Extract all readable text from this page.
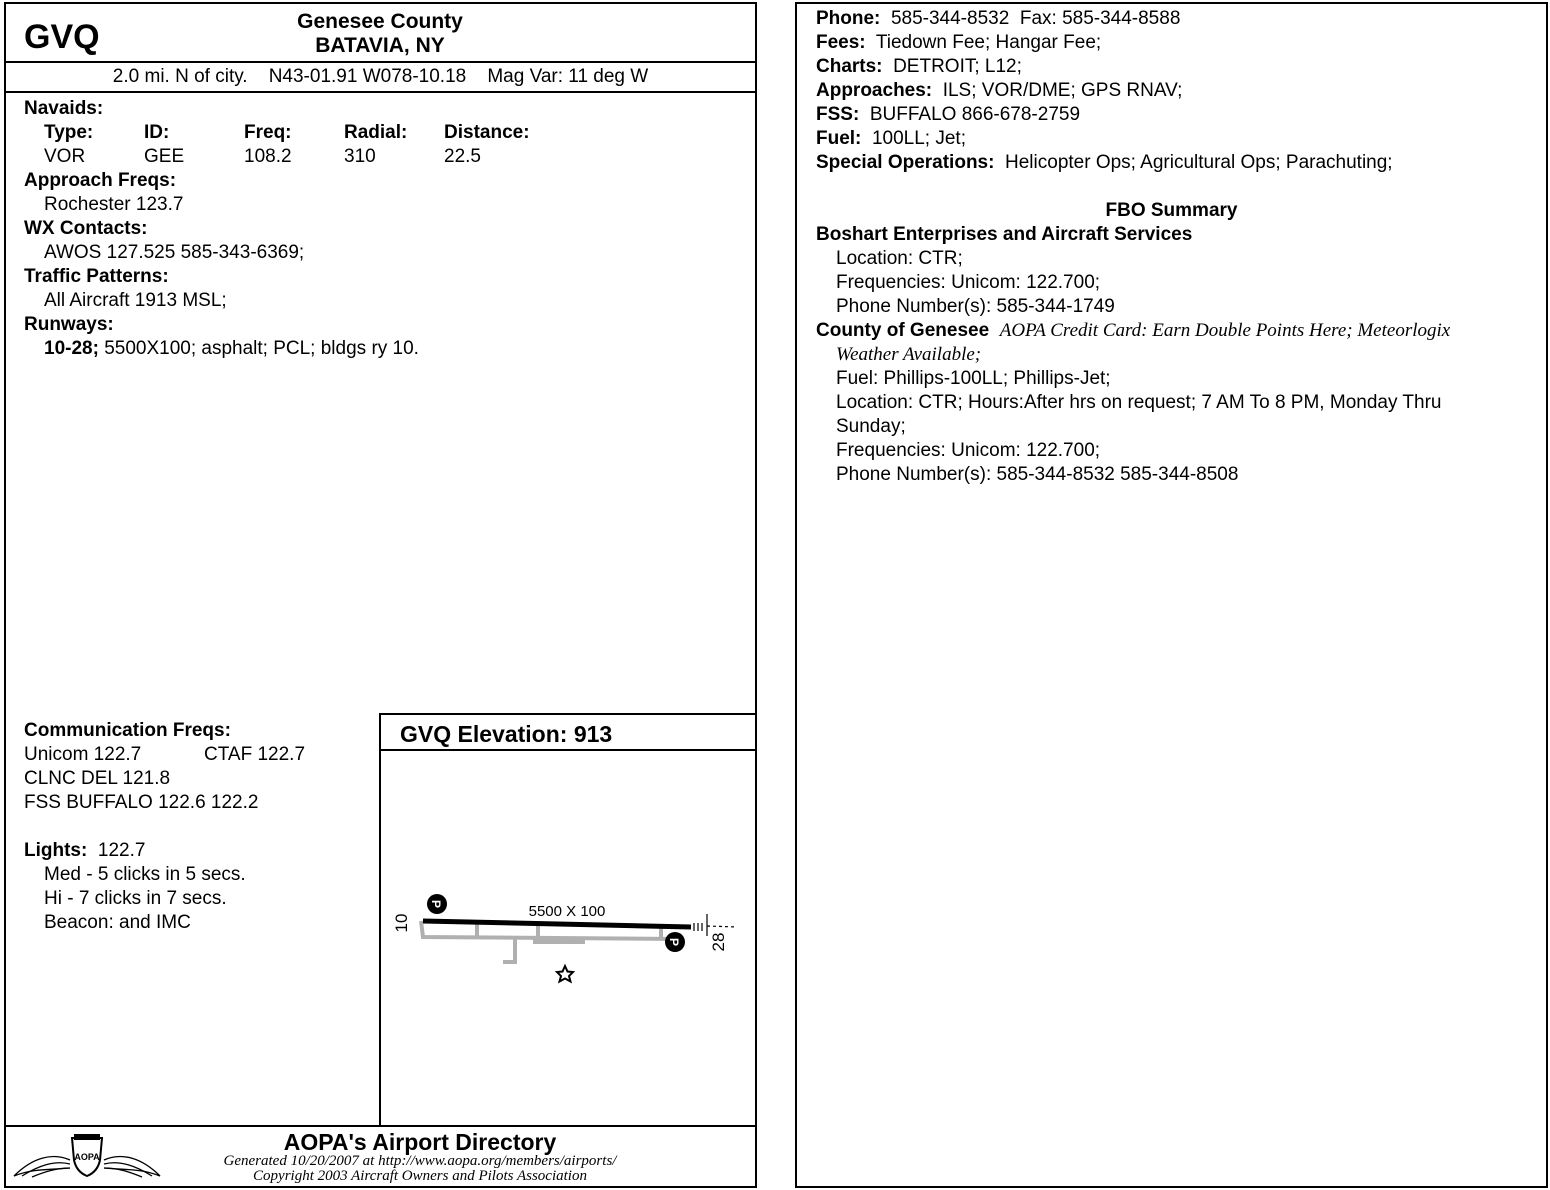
GVQ	Genesee County
BATAVIA, NY
2.0 mi. N of city.    N43-01.91 W078-10.18    Mag Var: 11 deg W
Navaids:
Type:	ID:	Freq:	Radial: Distance:
VOR	GEE	108.2	310	22.5
Approach Freqs:
Rochester 123.7
WX Contacts:
AWOS 127.525 585-343-6369;
Traffic Patterns:
All Aircraft 1913 MSL;
Runways:
10-28; 5500X100; asphalt; PCL; bldgs ry 10.
Communication Freqs:
Unicom 122.7	CTAF 122.7
CLNC DEL 121.8
FSS BUFFALO 122.6 122.2
Lights: 122.7
Med - 5 clicks in 5 secs.
Hi - 7 clicks in 7 secs.
Beacon: and IMC
GVQ Elevation: 913
P
P
5500 X 100
10
28
AOPA
AOPA's Airport Directory
Generated 10/20/2007 at http://www.aopa.org/members/airports/
Copyright 2003 Aircraft Owners and Pilots Association
Phone: 585-344-8532  Fax: 585-344-8588
Fees: Tiedown Fee; Hangar Fee;
Charts: DETROIT; L12;
Approaches: ILS; VOR/DME; GPS RNAV;
FSS: BUFFALO 866-678-2759
Fuel: 100LL; Jet;
Special Operations: Helicopter Ops; Agricultural Ops; Parachuting;
FBO Summary
Boshart Enterprises and Aircraft Services
Location: CTR;
Frequencies: Unicom: 122.700;
Phone Number(s): 585-344-1749
County of Genesee AOPA Credit Card: Earn Double Points Here; Meteorlogix
Weather Available;
Fuel: Phillips-100LL; Phillips-Jet;
Location: CTR; Hours:After hrs on request; 7 AM To 8 PM, Monday Thru
Sunday;
Frequencies: Unicom: 122.700;
Phone Number(s): 585-344-8532 585-344-8508
